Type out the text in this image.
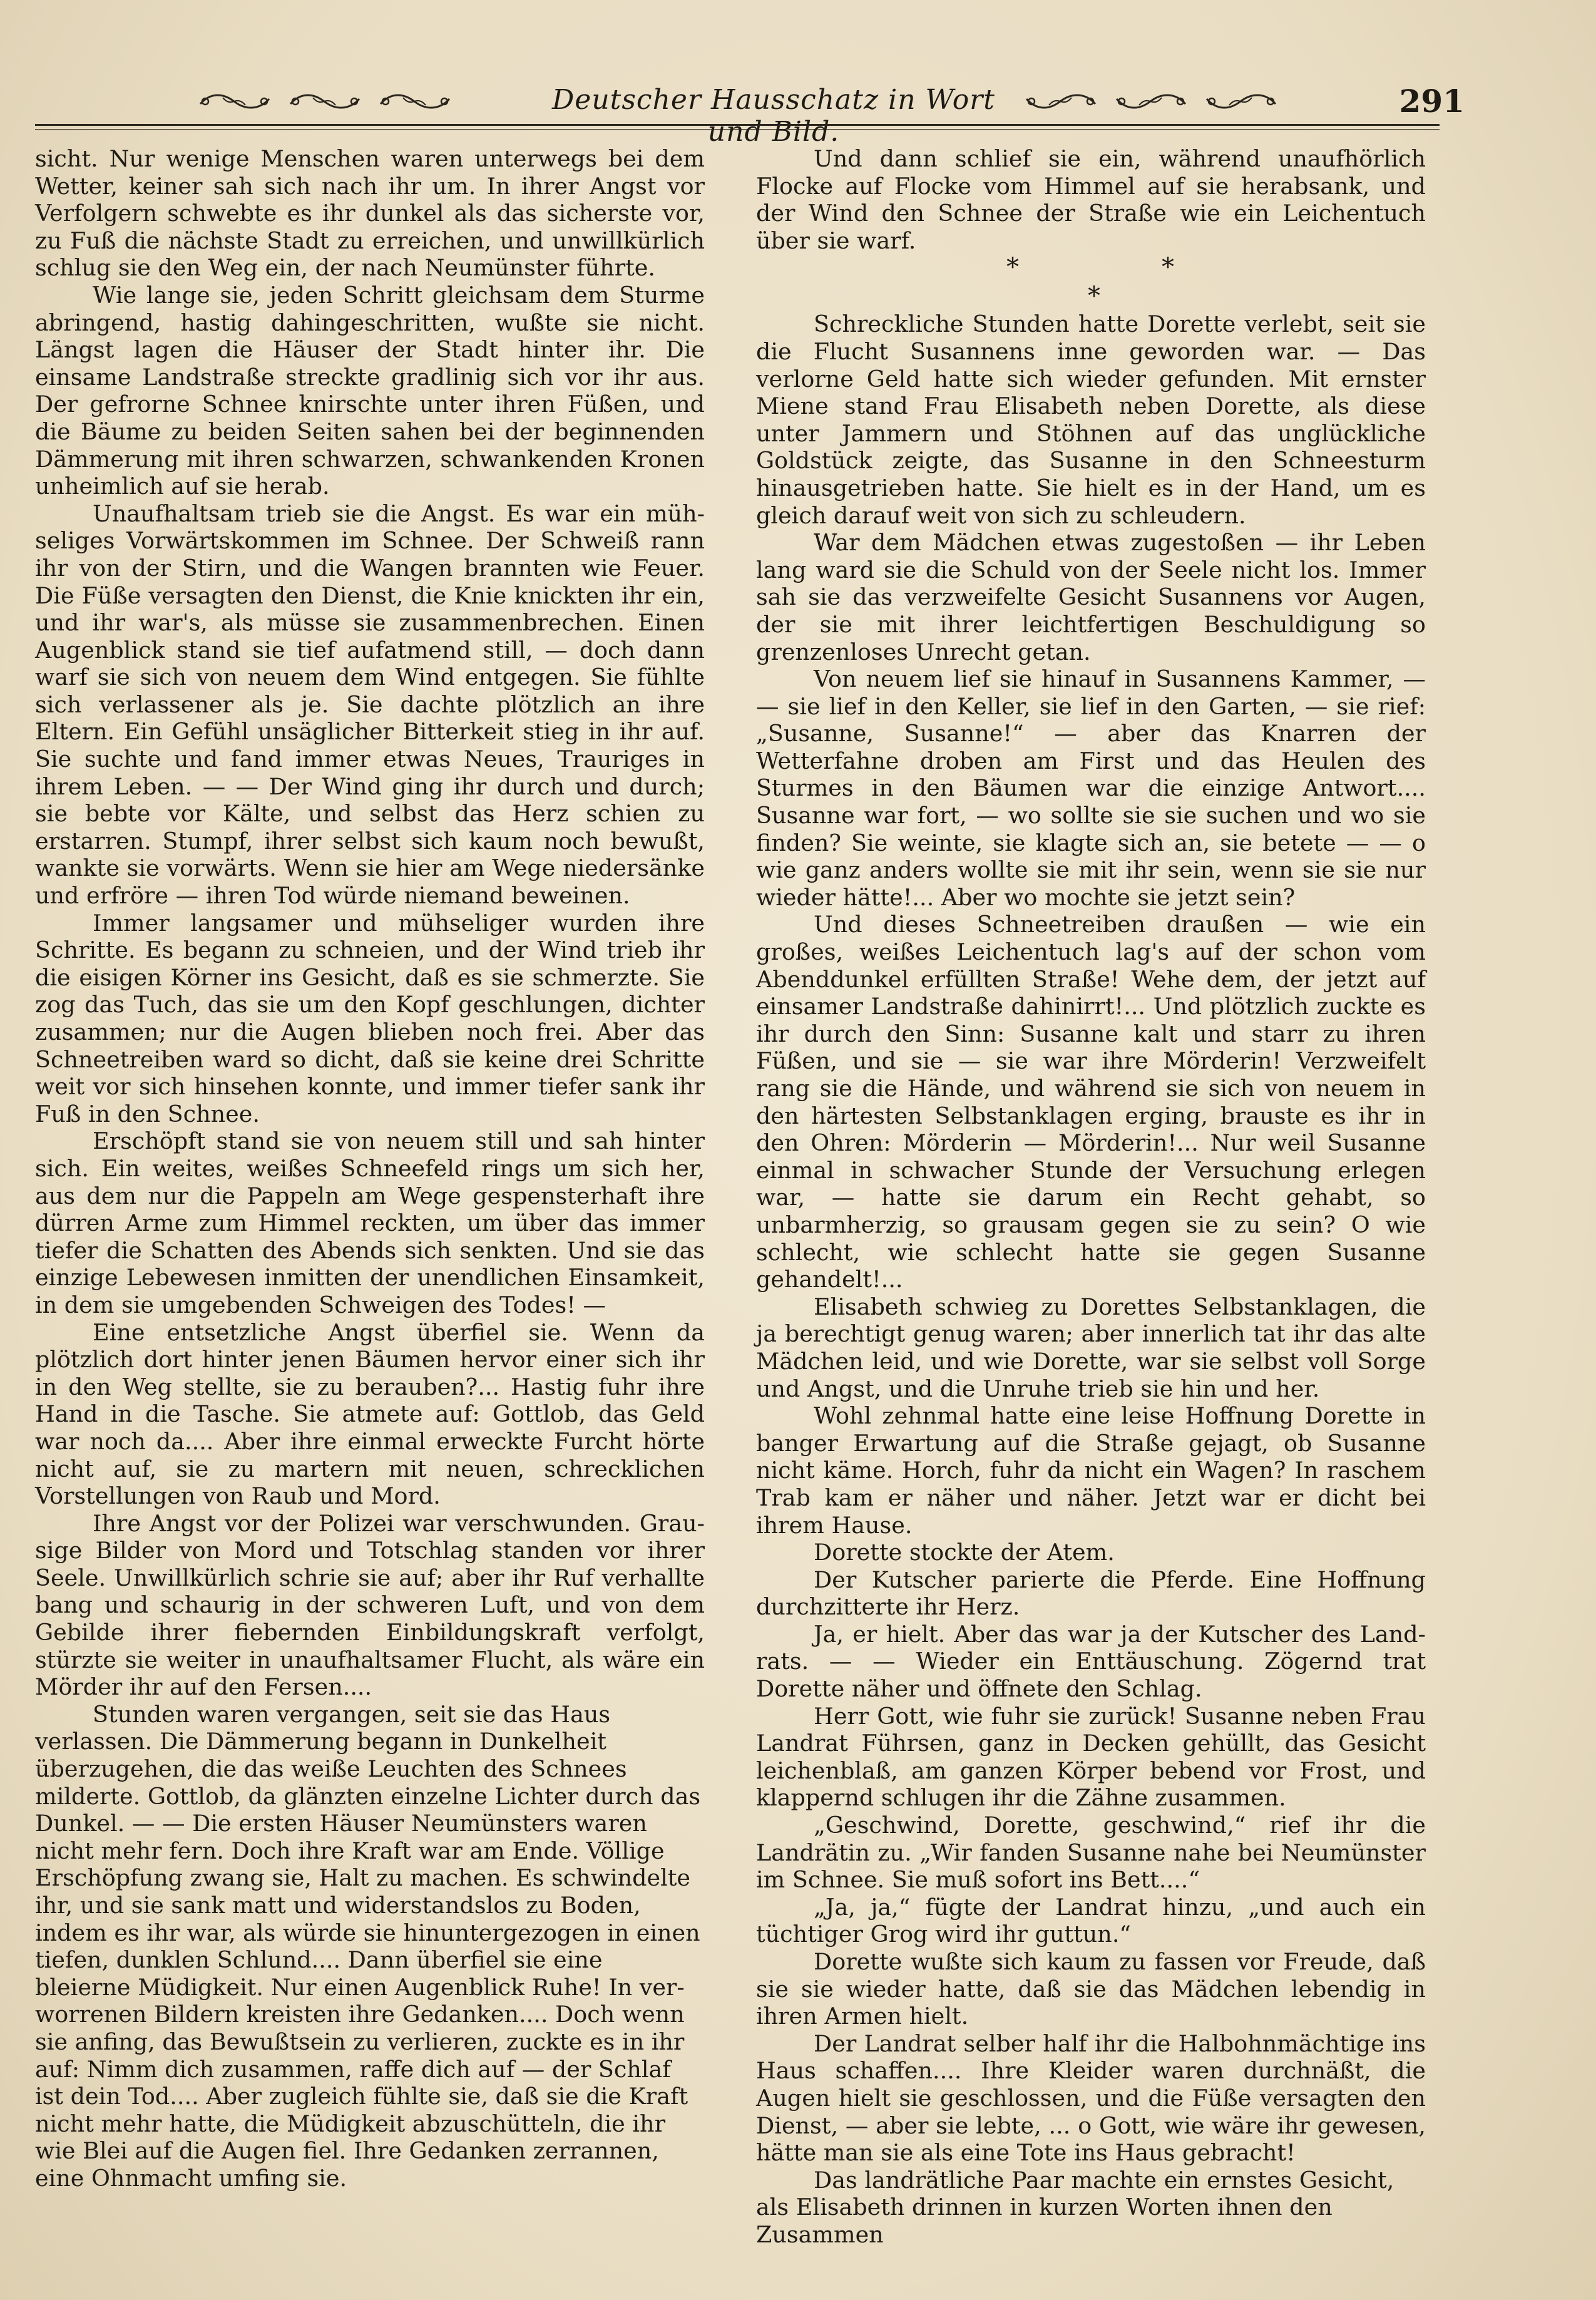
Deutscher Hausschatz in Wort und Bild.
291

sicht. Nur wenige Menschen waren unterwegs bei dem Wetter, keiner sah sich nach ihr um. In ihrer Angst vor Verfolgern schwebte es ihr dunkel als das sicherste vor, zu Fuß die nächste Stadt zu erreichen, und unwillkürlich schlug sie den Weg ein, der nach Neumünster führte.

Wie lange sie, jeden Schritt gleichsam dem Sturme abringend, hastig dahingeschritten, wußte sie nicht. Längst lagen die Häuser der Stadt hinter ihr. Die einsame Landstraße streckte gradlinig sich vor ihr aus. Der gefrorne Schnee knirschte unter ihren Füßen, und die Bäume zu beiden Seiten sahen bei der beginnenden Dämmerung mit ihren schwarzen, schwankenden Kronen unheimlich auf sie herab.

Unaufhaltsam trieb sie die Angst. Es war ein mühseliges Vorwärtskommen im Schnee. Der Schweiß rann ihr von der Stirn, und die Wangen brannten wie Feuer. Die Füße versagten den Dienst, die Knie knickten ihr ein, und ihr war's, als müsse sie zusammenbrechen. Einen Augenblick stand sie tief aufatmend still, — doch dann warf sie sich von neuem dem Wind entgegen. Sie fühlte sich verlassener als je. Sie dachte plötzlich an ihre Eltern. Ein Gefühl unsäglicher Bitterkeit stieg in ihr auf. Sie suchte und fand immer etwas Neues, Trauriges in ihrem Leben. — — Der Wind ging ihr durch und durch; sie bebte vor Kälte, und selbst das Herz schien zu erstarren. Stumpf, ihrer selbst sich kaum noch bewußt, wankte sie vorwärts. Wenn sie hier am Wege niedersänke und erfröre — ihren Tod würde niemand beweinen.

Immer langsamer und mühseliger wurden ihre Schritte. Es begann zu schneien, und der Wind trieb ihr die eisigen Körner ins Gesicht, daß es sie schmerzte. Sie zog das Tuch, das sie um den Kopf geschlungen, dichter zusammen; nur die Augen blieben noch frei. Aber das Schneetreiben ward so dicht, daß sie keine drei Schritte weit vor sich hinsehen konnte, und immer tiefer sank ihr Fuß in den Schnee.

Erschöpft stand sie von neuem still und sah hinter sich. Ein weites, weißes Schneefeld rings um sich her, aus dem nur die Pappeln am Wege gespensterhaft ihre dürren Arme zum Himmel reckten, um über das immer tiefer die Schatten des Abends sich senkten. Und sie das einzige Lebewesen inmitten der unendlichen Einsamkeit, in dem sie umgebenden Schweigen des Todes! —

Eine entsetzliche Angst überfiel sie. Wenn da plötzlich dort hinter jenen Bäumen hervor einer sich ihr in den Weg stellte, sie zu berauben?... Hastig fuhr ihre Hand in die Tasche. Sie atmete auf: Gottlob, das Geld war noch da.... Aber ihre einmal erweckte Furcht hörte nicht auf, sie zu martern mit neuen, schrecklichen Vorstellungen von Raub und Mord.

Ihre Angst vor der Polizei war verschwunden. Grausige Bilder von Mord und Totschlag standen vor ihrer Seele. Unwillkürlich schrie sie auf; aber ihr Ruf verhallte bang und schaurig in der schweren Luft, und von dem Gebilde ihrer fiebernden Einbildungskraft verfolgt, stürzte sie weiter in unaufhaltsamer Flucht, als wäre ein Mörder ihr auf den Fersen....

Stunden waren vergangen, seit sie das Haus verlassen. Die Dämmerung begann in Dunkelheit überzugehen, die das weiße Leuchten des Schnees milderte. Gottlob, da glänzten einzelne Lichter durch das Dunkel. — — Die ersten Häuser Neumünsters waren nicht mehr fern. Doch ihre Kraft war am Ende. Völlige Erschöpfung zwang sie, Halt zu machen. Es schwindelte ihr, und sie sank matt und widerstandslos zu Boden, indem es ihr war, als würde sie hinuntergezogen in einen tiefen, dunklen Schlund.... Dann überfiel sie eine bleierne Müdigkeit. Nur einen Augenblick Ruhe! In verworrenen Bildern kreisten ihre Gedanken.... Doch wenn sie anfing, das Bewußtsein zu verlieren, zuckte es in ihr auf: Nimm dich zusammen, raffe dich auf — der Schlaf ist dein Tod.... Aber zugleich fühlte sie, daß sie die Kraft nicht mehr hatte, die Müdigkeit abzuschütteln, die ihr wie Blei auf die Augen fiel. Ihre Gedanken zerrannen, eine Ohnmacht umfing sie.

Und dann schlief sie ein, während unaufhörlich Flocke auf Flocke vom Himmel auf sie herabsank, und der Wind den Schnee der Straße wie ein Leichentuch über sie warf.

*	*
*

Schreckliche Stunden hatte Dorette verlebt, seit sie die Flucht Susannens inne geworden war. — Das verlorne Geld hatte sich wieder gefunden. Mit ernster Miene stand Frau Elisabeth neben Dorette, als diese unter Jammern und Stöhnen auf das unglückliche Goldstück zeigte, das Susanne in den Schneesturm hinausgetrieben hatte. Sie hielt es in der Hand, um es gleich darauf weit von sich zu schleudern.

War dem Mädchen etwas zugestoßen — ihr Leben lang ward sie die Schuld von der Seele nicht los. Immer sah sie das verzweifelte Gesicht Susannens vor Augen, der sie mit ihrer leichtfertigen Beschuldigung so grenzenloses Unrecht getan.

Von neuem lief sie hinauf in Susannens Kammer, — — sie lief in den Keller, sie lief in den Garten, — sie rief: „Susanne, Susanne!“ — aber das Knarren der Wetterfahne droben am First und das Heulen des Sturmes in den Bäumen war die einzige Antwort.... Susanne war fort, — wo sollte sie sie suchen und wo sie finden? Sie weinte, sie klagte sich an, sie betete — — o wie ganz anders wollte sie mit ihr sein, wenn sie sie nur wieder hätte!... Aber wo mochte sie jetzt sein?

Und dieses Schneetreiben draußen — wie ein großes, weißes Leichentuch lag's auf der schon vom Abenddunkel erfüllten Straße! Wehe dem, der jetzt auf einsamer Landstraße dahinirrt!... Und plötzlich zuckte es ihr durch den Sinn: Susanne kalt und starr zu ihren Füßen, und sie — sie war ihre Mörderin! Verzweifelt rang sie die Hände, und während sie sich von neuem in den härtesten Selbstanklagen erging, brauste es ihr in den Ohren: Mörderin — Mörderin!... Nur weil Susanne einmal in schwacher Stunde der Versuchung erlegen war, — hatte sie darum ein Recht gehabt, so unbarmherzig, so grausam gegen sie zu sein? O wie schlecht, wie schlecht hatte sie gegen Susanne gehandelt!...

Elisabeth schwieg zu Dorettes Selbstanklagen, die ja berechtigt genug waren; aber innerlich tat ihr das alte Mädchen leid, und wie Dorette, war sie selbst voll Sorge und Angst, und die Unruhe trieb sie hin und her.

Wohl zehnmal hatte eine leise Hoffnung Dorette in banger Erwartung auf die Straße gejagt, ob Susanne nicht käme. Horch, fuhr da nicht ein Wagen? In raschem Trab kam er näher und näher. Jetzt war er dicht bei ihrem Hause.

Dorette stockte der Atem.

Der Kutscher parierte die Pferde. Eine Hoffnung durchzitterte ihr Herz.

Ja, er hielt. Aber das war ja der Kutscher des Landrats. — — Wieder ein Enttäuschung. Zögernd trat Dorette näher und öffnete den Schlag.

Herr Gott, wie fuhr sie zurück! Susanne neben Frau Landrat Führsen, ganz in Decken gehüllt, das Gesicht leichenblaß, am ganzen Körper bebend vor Frost, und klappernd schlugen ihr die Zähne zusammen.

„Geschwind, Dorette, geschwind,“ rief ihr die Landrätin zu. „Wir fanden Susanne nahe bei Neumünster im Schnee. Sie muß sofort ins Bett....“

„Ja, ja,“ fügte der Landrat hinzu, „und auch ein tüchtiger Grog wird ihr guttun.“

Dorette wußte sich kaum zu fassen vor Freude, daß sie sie wieder hatte, daß sie das Mädchen lebendig in ihren Armen hielt.

Der Landrat selber half ihr die Halbohnmächtige ins Haus schaffen.... Ihre Kleider waren durchnäßt, die Augen hielt sie geschlossen, und die Füße versagten den Dienst, — aber sie lebte, ... o Gott, wie wäre ihr gewesen, hätte man sie als eine Tote ins Haus gebracht!

Das landrätliche Paar machte ein ernstes Gesicht, als Elisabeth drinnen in kurzen Worten ihnen den Zusammen
